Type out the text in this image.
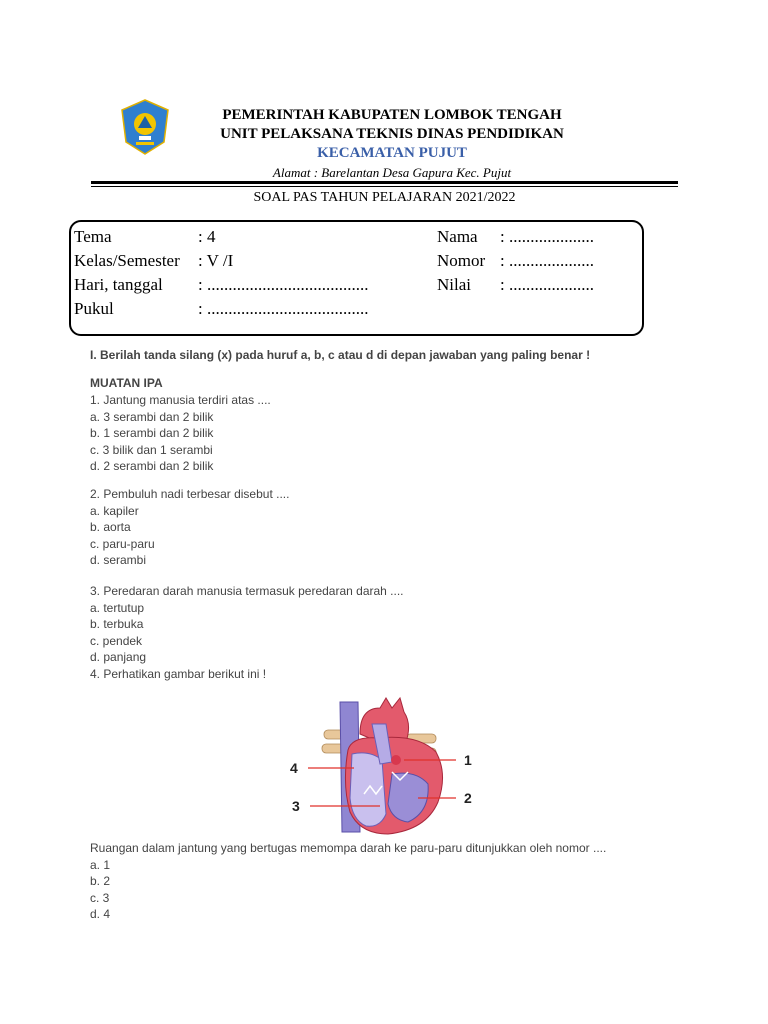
PEMERINTAH KABUPATEN LOMBOK TENGAH
UNIT PELAKSANA TEKNIS DINAS PENDIDIKAN
KECAMATAN PUJUT
Alamat : Barelantan Desa Gapura Kec. Pujut
SOAL PAS TAHUN PELAJARAN 2021/2022
Tema	: 4
Kelas/Semester : V /I
Hari, tanggal : ......................................
Pukul	: ......................................
Nama : ....................
Nomor : ....................
Nilai : ....................
I. Berilah tanda silang (x) pada huruf a, b, c atau d di depan jawaban yang paling benar !
MUATAN IPA
1. Jantung manusia terdiri atas ....
a. 3 serambi dan 2 bilik
b. 1 serambi dan 2 bilik
c. 3 bilik dan 1 serambi
d. 2 serambi dan 2 bilik
2. Pembuluh nadi terbesar disebut ....
a. kapiler
b. aorta
c. paru-paru
d. serambi
3. Peredaran darah manusia termasuk peredaran darah ....
a. tertutup
b. terbuka
c. pendek
d. panjang
4. Perhatikan gambar berikut ini !
1
2
3
4
Ruangan dalam jantung yang bertugas memompa darah ke paru-paru ditunjukkan oleh nomor ....
a. 1
b. 2
c. 3
d. 4
